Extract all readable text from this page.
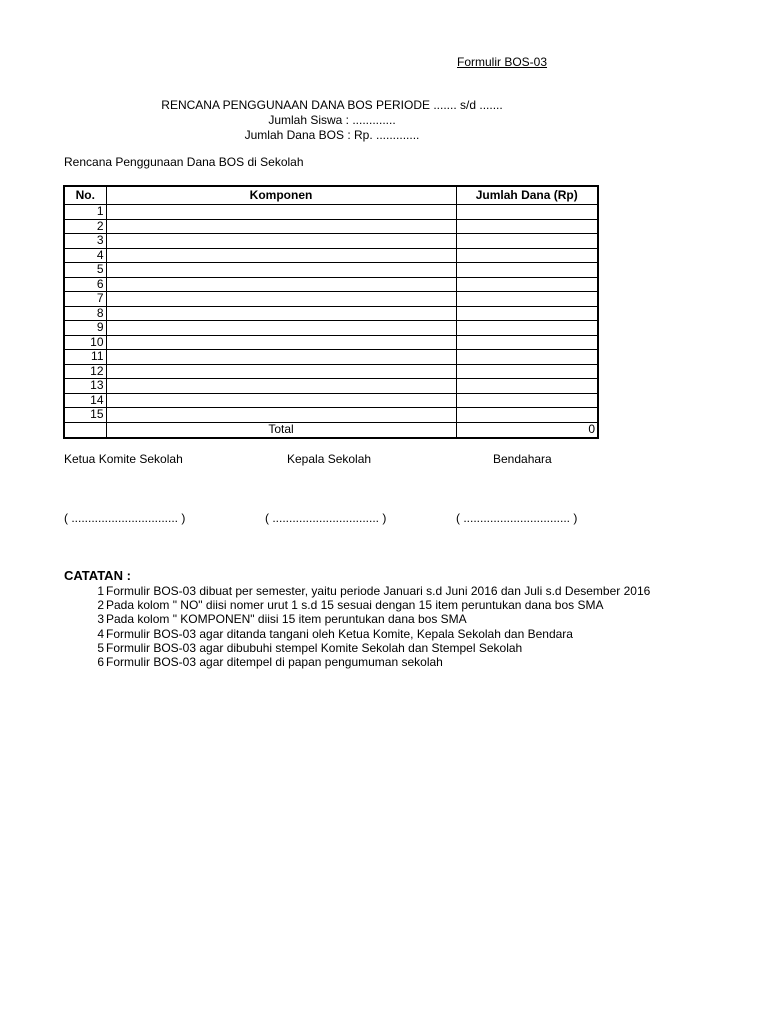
Formulir BOS-03
RENCANA PENGGUNAAN DANA BOS PERIODE ....... s/d .......
Jumlah Siswa : .............
Jumlah Dana BOS : Rp. .............
Rencana Penggunaan Dana BOS di Sekolah
No.	Komponen	Jumlah Dana (Rp)
1		
2		
3		
4		
5		
6		
7		
8		
9		
10		
11		
12		
13		
14		
15		
	Total	0
Ketua Komite Sekolah	Kepala Sekolah	Bendahara
( ................................ )	( ................................ )	( ................................ )
CATATAN :
1 Formulir BOS-03 dibuat per semester, yaitu periode Januari s.d Juni 2016 dan Juli s.d Desember 2016
2 Pada kolom " NO" diisi nomer urut 1 s.d 15 sesuai dengan 15 item peruntukan dana bos SMA
3 Pada kolom " KOMPONEN" diisi 15 item peruntukan dana bos SMA
4 Formulir BOS-03 agar ditanda tangani oleh Ketua Komite, Kepala Sekolah dan Bendara
5 Formulir BOS-03 agar dibubuhi stempel Komite Sekolah dan Stempel Sekolah
6 Formulir BOS-03 agar ditempel di papan pengumuman sekolah
